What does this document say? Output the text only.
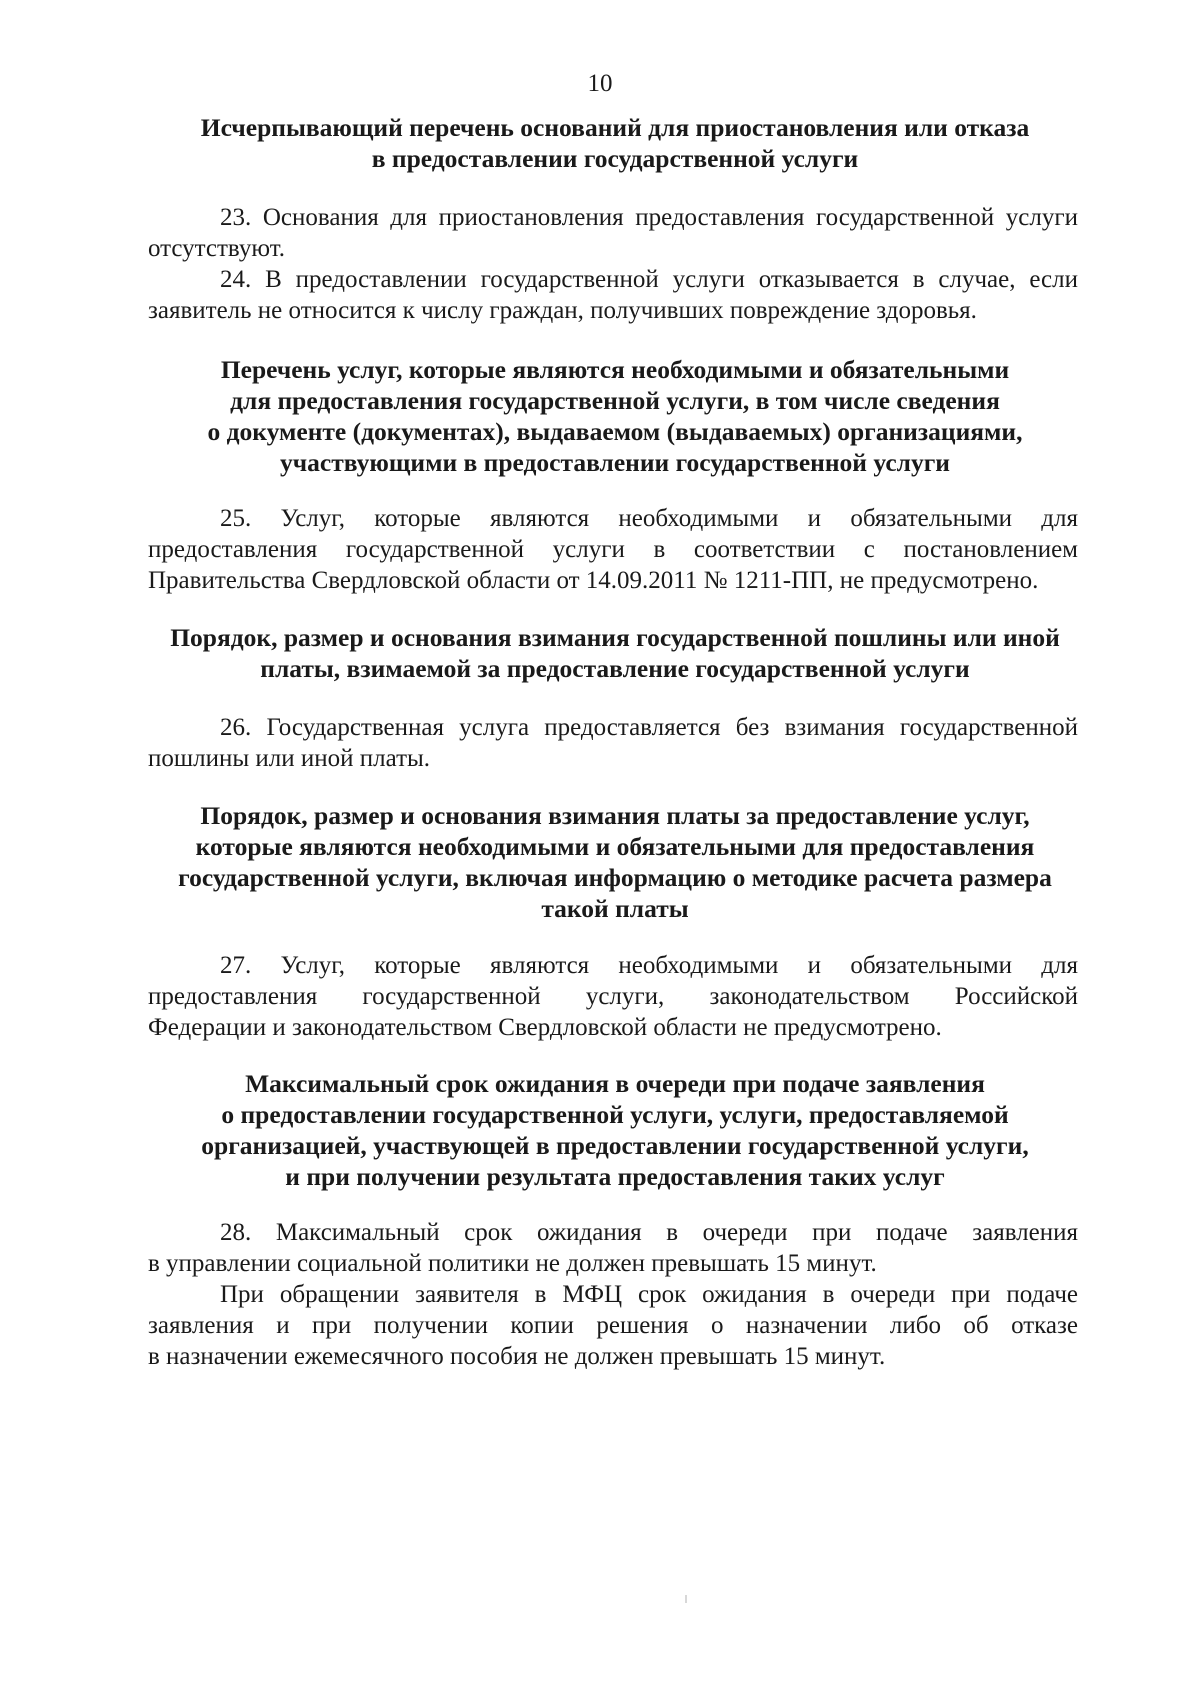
10
Исчерпывающий перечень оснований для приостановления или отказа
в предоставлении государственной услуги
23. Основания для приостановления предоставления государственной услуги
отсутствуют.
24. В предоставлении государственной услуги отказывается в случае, если
заявитель не относится к числу граждан, получивших повреждение здоровья.
Перечень услуг, которые являются необходимыми и обязательными
для предоставления государственной услуги, в том числе сведения
о документе (документах), выдаваемом (выдаваемых) организациями,
участвующими в предоставлении государственной услуги
25. Услуг, которые являются необходимыми и обязательными для
предоставления государственной услуги в соответствии с постановлением
Правительства Свердловской области от 14.09.2011 № 1211-ПП, не предусмотрено.
Порядок, размер и основания взимания государственной пошлины или иной
платы, взимаемой за предоставление государственной услуги
26. Государственная услуга предоставляется без взимания государственной
пошлины или иной платы.
Порядок, размер и основания взимания платы за предоставление услуг,
которые являются необходимыми и обязательными для предоставления
государственной услуги, включая информацию о методике расчета размера
такой платы
27. Услуг, которые являются необходимыми и обязательными для
предоставления государственной услуги, законодательством Российской
Федерации и законодательством Свердловской области не предусмотрено.
Максимальный срок ожидания в очереди при подаче заявления
о предоставлении государственной услуги, услуги, предоставляемой
организацией, участвующей в предоставлении государственной услуги,
и при получении результата предоставления таких услуг
28. Максимальный срок ожидания в очереди при подаче заявления
в управлении социальной политики не должен превышать 15 минут.
При обращении заявителя в МФЦ срок ожидания в очереди при подаче
заявления и при получении копии решения о назначении либо об отказе
в назначении ежемесячного пособия не должен превышать 15 минут.
